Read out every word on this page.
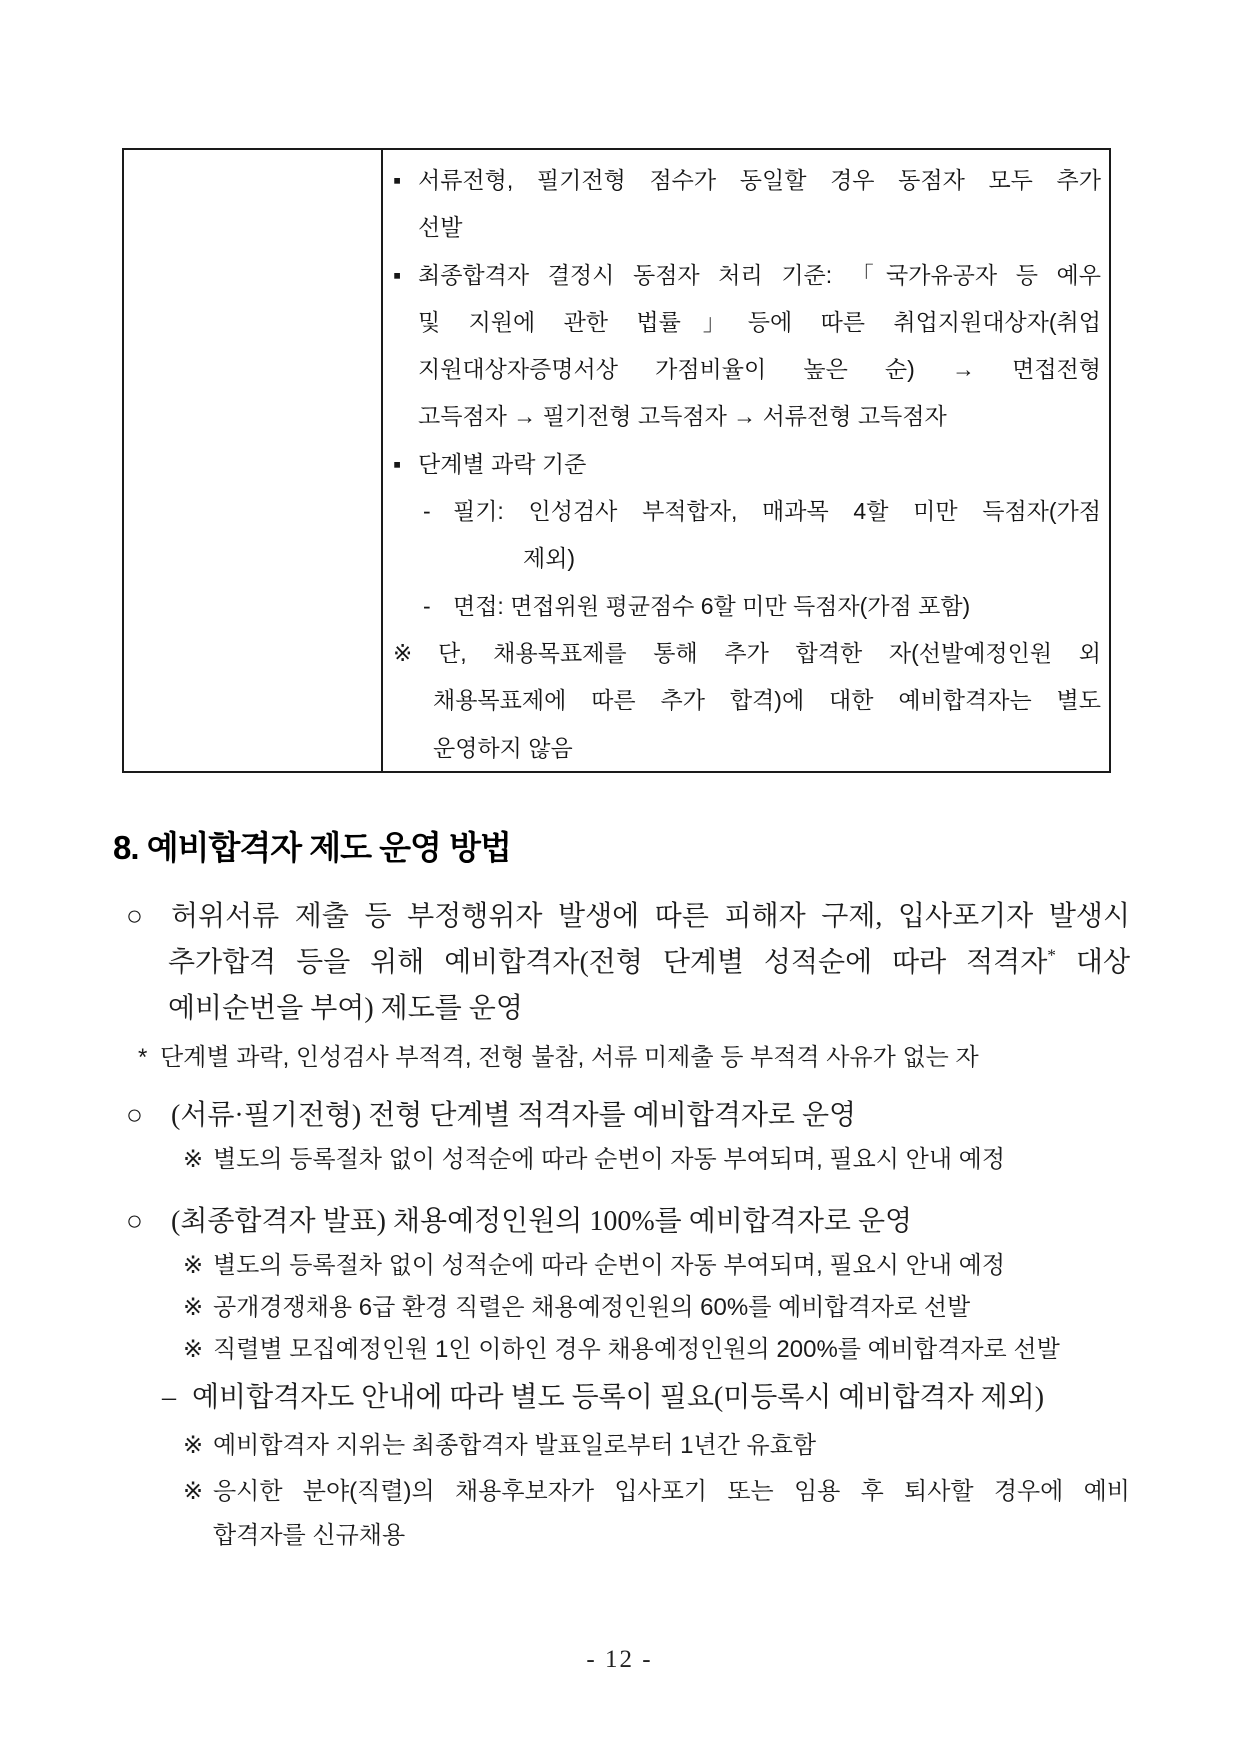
▪ 서류전형, 필기전형 점수가 동일할 경우 동점자 모두 추가
선발
▪ 최종합격자 결정시 동점자 처리 기준: 「국가유공자 등 예우
및 지원에 관한 법률」등에 따른 취업지원대상자(취업
지원대상자증명서상 가점비율이 높은 순) → 면접전형
고득점자 → 필기전형 고득점자 → 서류전형 고득점자
▪ 단계별 과락 기준
- 필기: 인성검사 부적합자, 매과목 4할 미만 득점자(가점
제외)
- 면접: 면접위원 평균점수 6할 미만 득점자(가점 포함)
※ 단, 채용목표제를 통해 추가 합격한 자(선발예정인원 외
채용목표제에 따른 추가 합격)에 대한 예비합격자는 별도
운영하지 않음
8. 예비합격자 제도 운영 방법
○ 허위서류 제출 등 부정행위자 발생에 따른 피해자 구제, 입사포기자 발생시
추가합격 등을 위해 예비합격자(전형 단계별 성적순에 따라 적격자* 대상
예비순번을 부여) 제도를 운영
* 단계별 과락, 인성검사 부적격, 전형 불참, 서류 미제출 등 부적격 사유가 없는 자
○ (서류·필기전형) 전형 단계별 적격자를 예비합격자로 운영
※ 별도의 등록절차 없이 성적순에 따라 순번이 자동 부여되며, 필요시 안내 예정
○ (최종합격자 발표) 채용예정인원의 100%를 예비합격자로 운영
※ 별도의 등록절차 없이 성적순에 따라 순번이 자동 부여되며, 필요시 안내 예정
※ 공개경쟁채용 6급 환경 직렬은 채용예정인원의 60%를 예비합격자로 선발
※ 직렬별 모집예정인원 1인 이하인 경우 채용예정인원의 200%를 예비합격자로 선발
– 예비합격자도 안내에 따라 별도 등록이 필요(미등록시 예비합격자 제외)
※ 예비합격자 지위는 최종합격자 발표일로부터 1년간 유효함
※ 응시한 분야(직렬)의 채용후보자가 입사포기 또는 임용 후 퇴사할 경우에 예비
합격자를 신규채용
- 12 -
